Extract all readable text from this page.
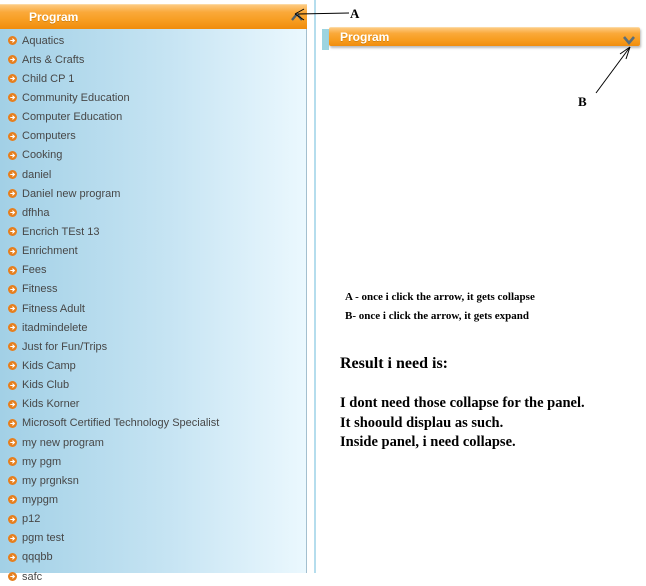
Program
Aquatics
Arts & Crafts
Child CP 1
Community Education
Computer Education
Computers
Cooking
daniel
Daniel new program
dfhha
Encrich TEst 13
Enrichment
Fees
Fitness
Fitness Adult
itadmindelete
Just for Fun/Trips
Kids Camp
Kids Club
Kids Korner
Microsoft Certified Technology Specialist
my new program
my pgm
my prgnksn
mypgm
p12
pgm test
qqqbb
safc
Program
A
B
A - once i click the arrow, it gets collapse
B- once i click the arrow, it gets expand
Result i need is:
I dont need those collapse for the panel.
It shoould displau as such.
Inside panel, i need collapse.
